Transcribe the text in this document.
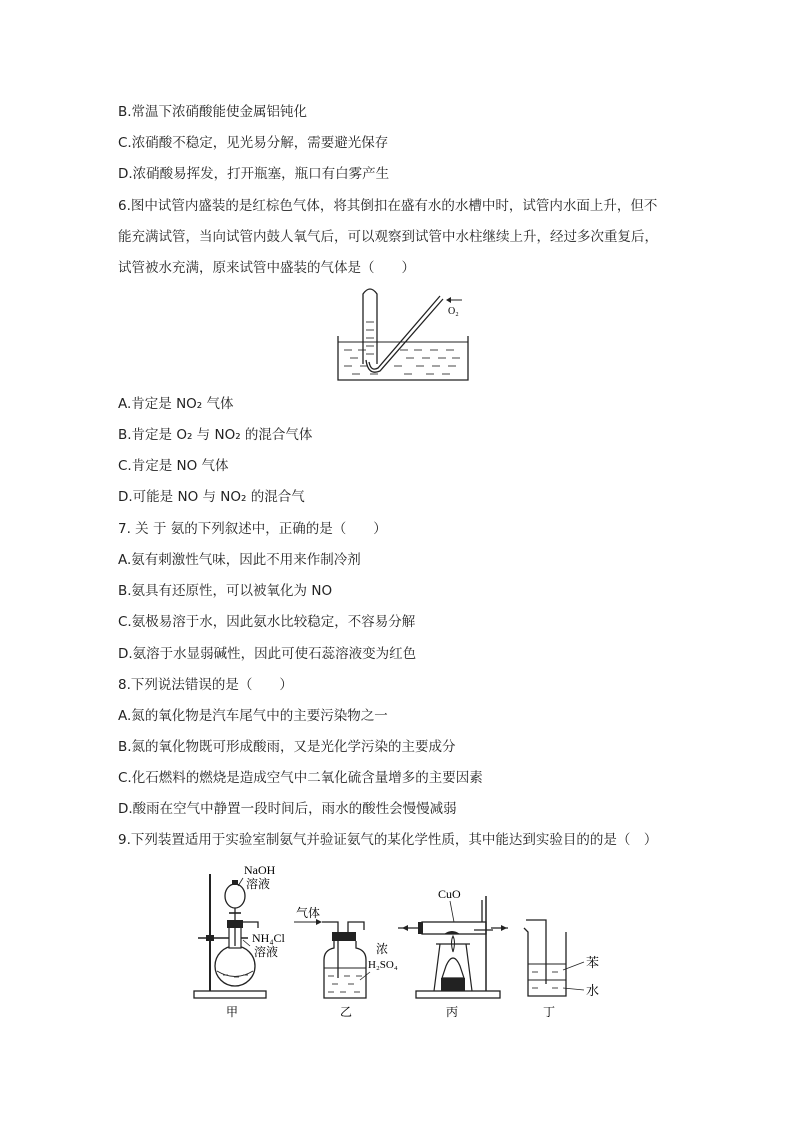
B.常温下浓硝酸能使金属铝钝化
C.浓硝酸不稳定，见光易分解，需要避光保存
D.浓硝酸易挥发，打开瓶塞，瓶口有白雾产生
6.图中试管内盛装的是红棕色气体，将其倒扣在盛有水的水槽中时，试管内水面上升，但不
能充满试管，当向试管内鼓人氧气后，可以观察到试管中水柱继续上升，经过多次重复后，
试管被水充满，原来试管中盛装的气体是（　　）
O₂
A.肯定是 NO₂ 气体
B.肯定是 O₂ 与 NO₂ 的混合气体
C.肯定是 NO 气体
D.可能是 NO 与 NO₂ 的混合气
7. 关 于 氨的下列叙述中，正确的是（　　）
A.氨有刺激性气味，因此不用来作制冷剂
B.氨具有还原性，可以被氧化为 NO
C.氨极易溶于水，因此氨水比较稳定，不容易分解
D.氨溶于水显弱碱性，因此可使石蕊溶液变为红色
8.下列说法错误的是（　　）
A.氮的氧化物是汽车尾气中的主要污染物之一
B.氮的氧化物既可形成酸雨，又是光化学污染的主要成分
C.化石燃料的燃烧是造成空气中二氧化硫含量增多的主要因素
D.酸雨在空气中静置一段时间后，雨水的酸性会慢慢减弱
9.下列装置适用于实验室制氨气并验证氨气的某化学性质，其中能达到实验目的的是（　）
NaOH
溶液
NH₄Cl
溶液
甲
气体
浓
H₂SO₄
乙
CuO
丙
苯
水
丁
